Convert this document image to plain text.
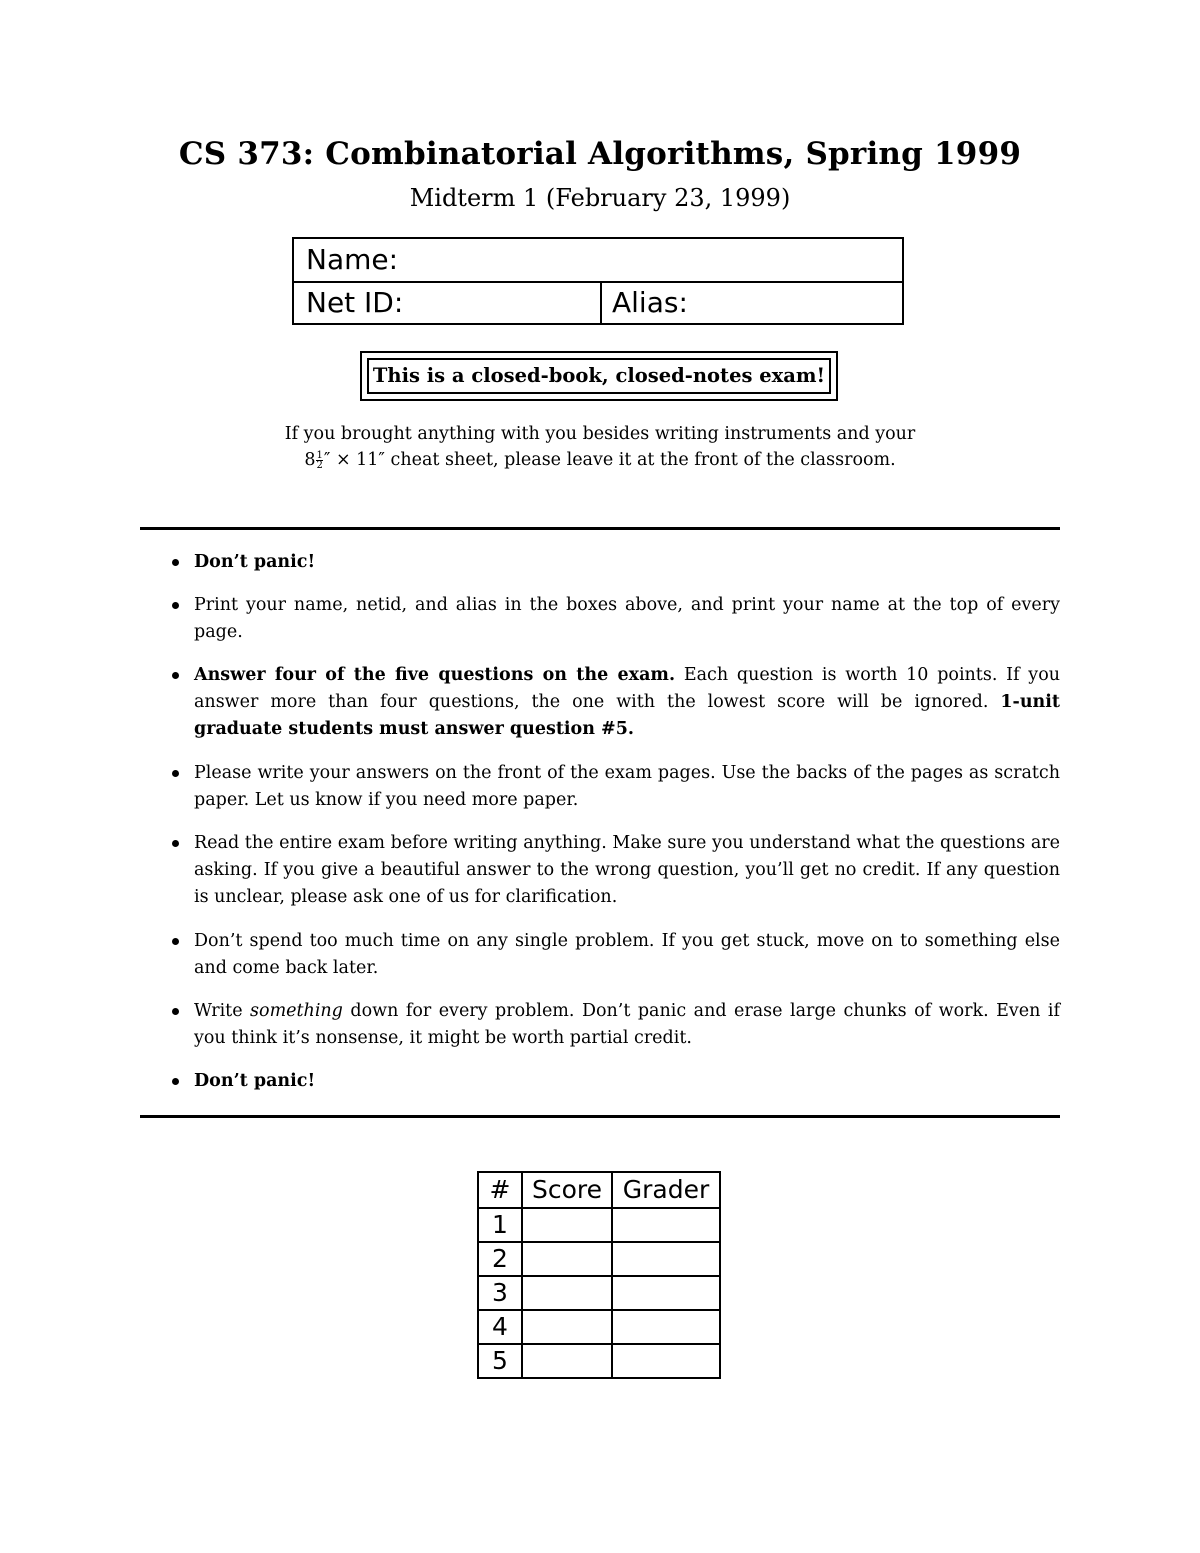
CS 373: Combinatorial Algorithms, Spring 1999
Midterm 1 (February 23, 1999)
Name:
Net ID:	Alias:
This is a closed-book, closed-notes exam!
If you brought anything with you besides writing instruments and your
$8 \frac{1}{2}$ ″ × 11″ cheat sheet, please leave it at the front of the classroom.
Don’t panic!
Print your name, netid, and alias in the boxes above, and print your name at the top of every page.
Answer four of the five questions on the exam. Each question is worth 10 points. If you answer more than four questions, the one with the lowest score will be ignored. 1-unit graduate students must answer question #5.
Please write your answers on the front of the exam pages. Use the backs of the pages as scratch paper. Let us know if you need more paper.
Read the entire exam before writing anything. Make sure you understand what the questions are asking. If you give a beautiful answer to the wrong question, you’ll get no credit. If any question is unclear, please ask one of us for clarification.
Don’t spend too much time on any single problem. If you get stuck, move on to something else and come back later.
Write something down for every problem. Don’t panic and erase large chunks of work. Even if you think it’s nonsense, it might be worth partial credit.
Don’t panic!
#	Score	Grader
1		
2		
3		
4		
5		
